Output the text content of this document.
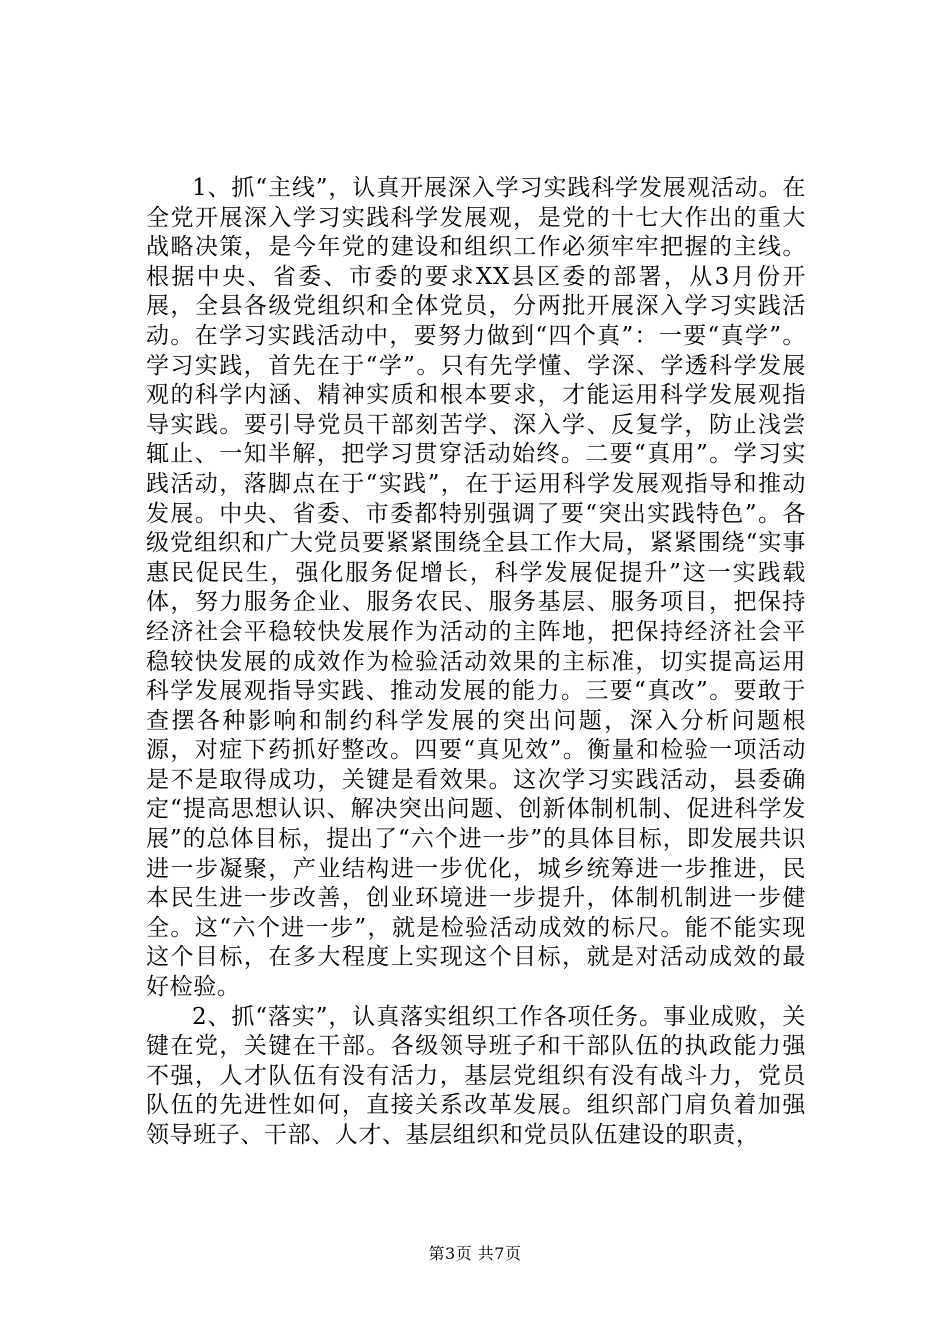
1、抓“主线”，认真开展深入学习实践科学发展观活动。在全党开展深入学习实践科学发展观，是党的十七大作出的重大战略决策，是今年党的建设和组织工作必须牢牢把握的主线。根据中央、省委、市委的要求XX县区委的部署，从3月份开展，全县各级党组织和全体党员，分两批开展深入学习实践活动。在学习实践活动中，要努力做到“四个真”：一要“真学”。学习实践，首先在于“学”。只有先学懂、学深、学透科学发展观的科学内涵、精神实质和根本要求，才能运用科学发展观指导实践。要引导党员干部刻苦学、深入学、反复学，防止浅尝辄止、一知半解，把学习贯穿活动始终。二要“真用”。学习实践活动，落脚点在于“实践”，在于运用科学发展观指导和推动发展。中央、省委、市委都特别强调了要“突出实践特色”。各级党组织和广大党员要紧紧围绕全县工作大局，紧紧围绕“实事惠民促民生，强化服务促增长，科学发展促提升”这一实践载体，努力服务企业、服务农民、服务基层、服务项目，把保持经济社会平稳较快发展作为活动的主阵地，把保持经济社会平稳较快发展的成效作为检验活动效果的主标准，切实提高运用科学发展观指导实践、推动发展的能力。三要“真改”。要敢于查摆各种影响和制约科学发展的突出问题，深入分析问题根源，对症下药抓好整改。四要“真见效”。衡量和检验一项活动是不是取得成功，关键是看效果。这次学习实践活动，县委确定“提高思想认识、解决突出问题、创新体制机制、促进科学发展”的总体目标，提出了“六个进一步”的具体目标，即发展共识进一步凝聚，产业结构进一步优化，城乡统筹进一步推进，民本民生进一步改善，创业环境进一步提升，体制机制进一步健全。这“六个进一步”，就是检验活动成效的标尺。能不能实现这个目标，在多大程度上实现这个目标，就是对活动成效的最好检验。

2、抓“落实”，认真落实组织工作各项任务。事业成败，关键在党，关键在干部。各级领导班子和干部队伍的执政能力强不强，人才队伍有没有活力，基层党组织有没有战斗力，党员队伍的先进性如何，直接关系改革发展。组织部门肩负着加强领导班子、干部、人才、基层组织和党员队伍建设的职责，

第3页 共7页
